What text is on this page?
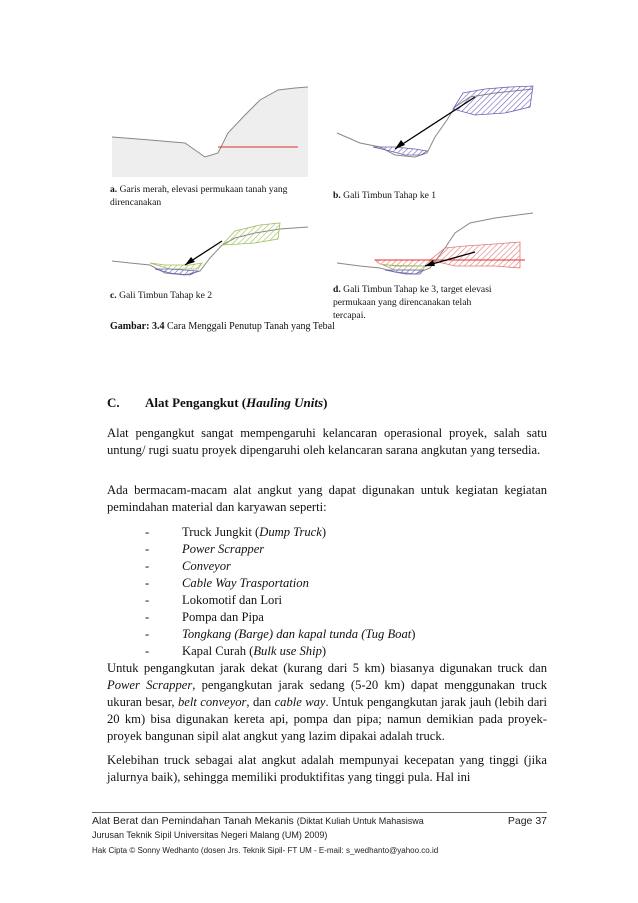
a. Garis merah, elevasi permukaan tanah yang
direncanakan
b. Gali Timbun Tahap ke 1
c. Gali Timbun Tahap ke 2
d. Gali Timbun Tahap ke 3, target elevasi
permukaan yang direncanakan telah
tercapai.
Gambar: 3.4 Cara Menggali Penutup Tanah yang Tebal
C. Alat Pengangkut (Hauling Units)

Alat pengangkut sangat mempengaruhi kelancaran operasional proyek, salah satu untung/ rugi suatu proyek dipengaruhi oleh kelancaran sarana angkutan yang tersedia.

Ada bermacam-macam alat angkut yang dapat digunakan untuk kegiatan kegiatan pemindahan material dan karyawan seperti:

-	Truck Jungkit (Dump Truck)
-	Power Scrapper
-	Conveyor
-	Cable Way Trasportation
-	Lokomotif dan Lori
-	Pompa dan Pipa
-	Tongkang (Barge) dan kapal tunda (Tug Boat)
-	Kapal Curah (Bulk use Ship)

Untuk pengangkutan jarak dekat (kurang dari 5 km) biasanya digunakan truck dan Power Scrapper, pengangkutan jarak sedang (5-20 km) dapat menggunakan truck ukuran besar, belt conveyor, dan cable way. Untuk pengangkutan jarak jauh (lebih dari 20 km) bisa digunakan kereta api, pompa dan pipa; namun demikian pada proyek-proyek bangunan sipil alat angkut yang lazim dipakai adalah truck.

Kelebihan truck sebagai alat angkut adalah mempunyai kecepatan yang tinggi (jika jalurnya baik), sehingga memiliki produktifitas yang tinggi pula. Hal ini

Alat Berat dan Pemindahan Tanah Mekanis (Diktat Kuliah Untuk Mahasiswa	Page 37
Jurusan Teknik Sipil Universitas Negeri Malang (UM) 2009)
Hak Cipta © Sonny Wedhanto (dosen Jrs. Teknik Sipil- FT UM - E-mail: s_wedhanto@yahoo.co.id
